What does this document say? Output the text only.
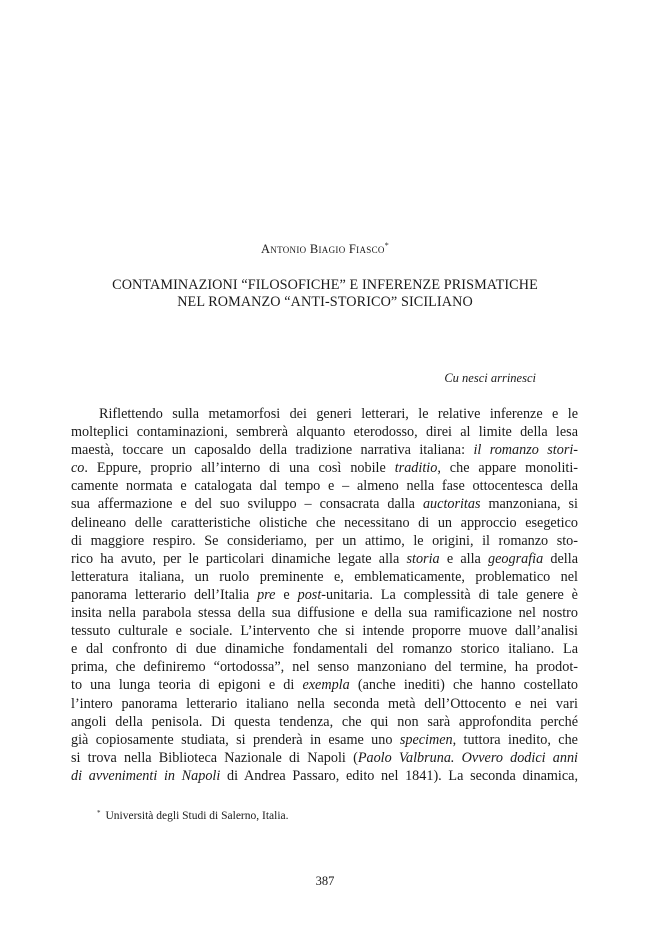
Antonio Biagio Fiasco*
CONTAMINAZIONI “FILOSOFICHE” E INFERENZE PRISMATICHE
NEL ROMANZO “ANTI-STORICO” SICILIANO
Cu nesci arrinesci
Riflettendo sulla metamorfosi dei generi letterari, le relative inferenze e le
molteplici contaminazioni, sembrerà alquanto eterodosso, direi al limite della lesa
maestà, toccare un caposaldo della tradizione narrativa italiana: il romanzo stori-
co. Eppure, proprio all’interno di una così nobile traditio, che appare monoliti-
camente normata e catalogata dal tempo e – almeno nella fase ottocentesca della
sua affermazione e del suo sviluppo – consacrata dalla auctoritas manzoniana, si
delineano delle caratteristiche olistiche che necessitano di un approccio esegetico
di maggiore respiro. Se consideriamo, per un attimo, le origini, il romanzo sto-
rico ha avuto, per le particolari dinamiche legate alla storia e alla geografia della
letteratura italiana, un ruolo preminente e, emblematicamente, problematico nel
panorama letterario dell’Italia pre e post-unitaria. La complessità di tale genere è
insita nella parabola stessa della sua diffusione e della sua ramificazione nel nostro
tessuto culturale e sociale. L’intervento che si intende proporre muove dall’analisi
e dal confronto di due dinamiche fondamentali del romanzo storico italiano. La
prima, che definiremo “ortodossa”, nel senso manzoniano del termine, ha prodot-
to una lunga teoria di epigoni e di exempla (anche inediti) che hanno costellato
l’intero panorama letterario italiano nella seconda metà dell’Ottocento e nei vari
angoli della penisola. Di questa tendenza, che qui non sarà approfondita perché
già copiosamente studiata, si prenderà in esame uno specimen, tuttora inedito, che
si trova nella Biblioteca Nazionale di Napoli (Paolo Valbruna. Ovvero dodici anni
di avvenimenti in Napoli di Andrea Passaro, edito nel 1841). La seconda dinamica,
* Università degli Studi di Salerno, Italia.
387
